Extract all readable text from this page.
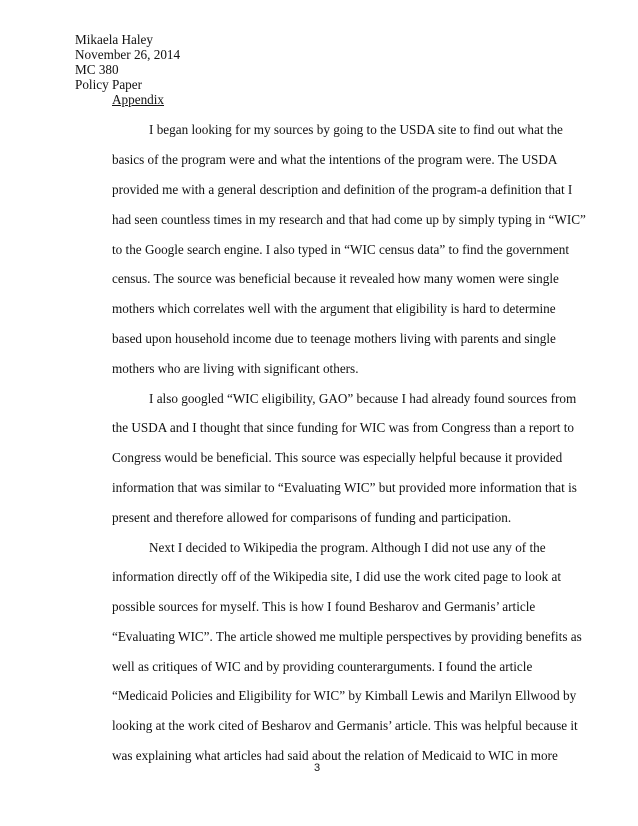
Mikaela Haley
November 26, 2014
MC 380
Policy Paper
Appendix
I began looking for my sources by going to the USDA site to find out what the
basics of the program were and what the intentions of the program were. The USDA
provided me with a general description and definition of the program-a definition that I
had seen countless times in my research and that had come up by simply typing in “WIC”
to the Google search engine. I also typed in “WIC census data” to find the government
census. The source was beneficial because it revealed how many women were single
mothers which correlates well with the argument that eligibility is hard to determine
based upon household income due to teenage mothers living with parents and single
mothers who are living with significant others.
I also googled “WIC eligibility, GAO” because I had already found sources from
the USDA and I thought that since funding for WIC was from Congress than a report to
Congress would be beneficial. This source was especially helpful because it provided
information that was similar to “Evaluating WIC” but provided more information that is
present and therefore allowed for comparisons of funding and participation.
Next I decided to Wikipedia the program. Although I did not use any of the
information directly off of the Wikipedia site, I did use the work cited page to look at
possible sources for myself. This is how I found Besharov and Germanis’ article
“Evaluating WIC”. The article showed me multiple perspectives by providing benefits as
well as critiques of WIC and by providing counterarguments. I found the article
“Medicaid Policies and Eligibility for WIC” by Kimball Lewis and Marilyn Ellwood by
looking at the work cited of Besharov and Germanis’ article. This was helpful because it
was explaining what articles had said about the relation of Medicaid to WIC in more
3
